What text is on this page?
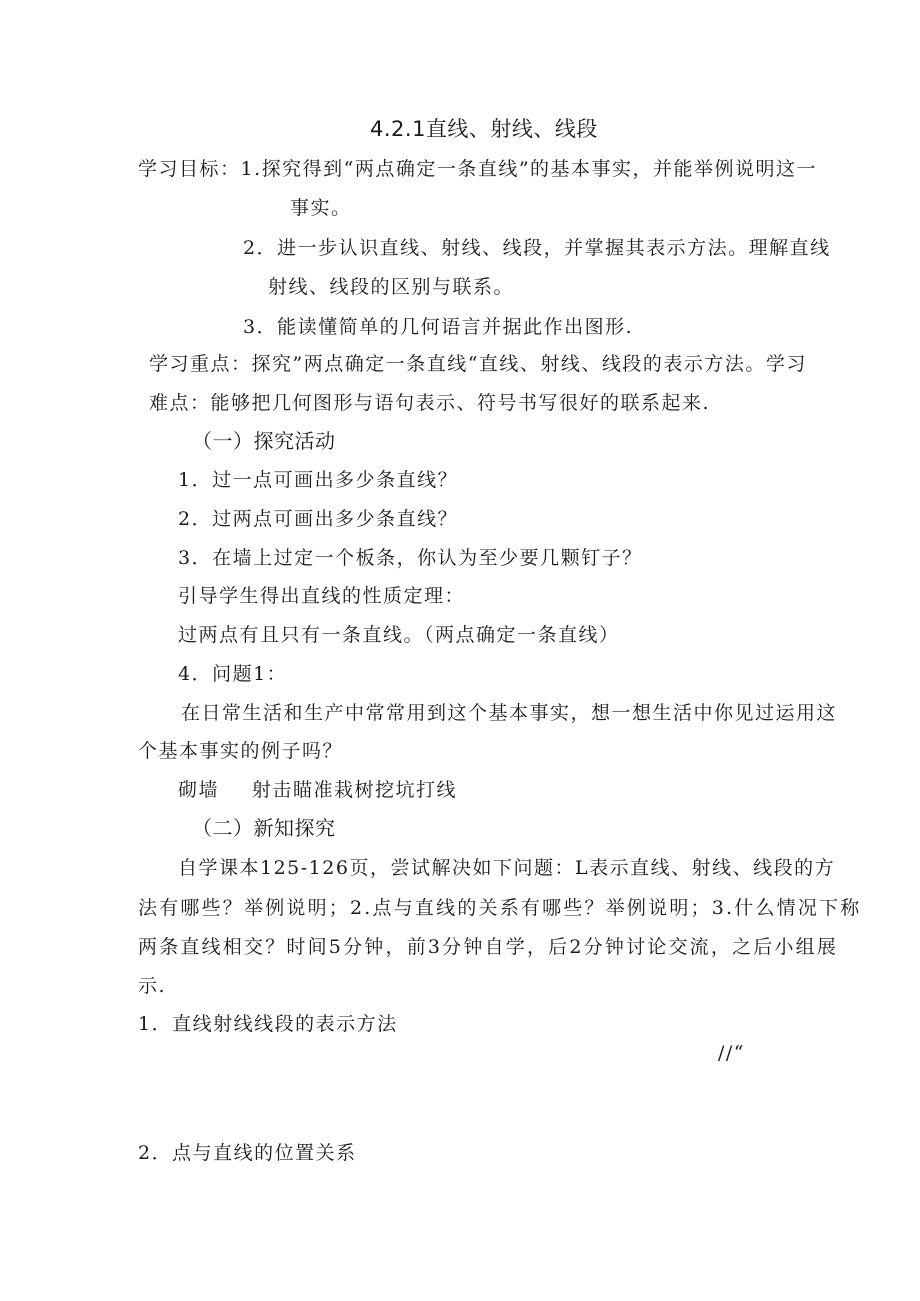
4.2.1直线、射线、线段
学习目标：1.探究得到“两点确定一条直线”的基本事实，并能举例说明这一
事实。
2．进一步认识直线、射线、线段，并掌握其表示方法。理解直线
射线、线段的区别与联系。
3．能读懂简单的几何语言并据此作出图形.
学习重点：探究”两点确定一条直线“直线、射线、线段的表示方法。学习
难点：能够把几何图形与语句表示、符号书写很好的联系起来.
（一）探究活动
1．过一点可画出多少条直线？
2．过两点可画出多少条直线？
3．在墙上过定一个板条，你认为至少要几颗钉子？
引导学生得出直线的性质定理：
过两点有且只有一条直线。（两点确定一条直线）
4．问题1：
在日常生活和生产中常常用到这个基本事实，想一想生活中你见过运用这
个基本事实的例子吗？
砌墙 射击瞄准栽树挖坑打线
（二）新知探究
自学课本125-126页，尝试解决如下问题：L表示直线、射线、线段的方
法有哪些？举例说明；2.点与直线的关系有哪些？举例说明；3.什么情况下称
两条直线相交？时间5分钟，前3分钟自学，后2分钟讨论交流，之后小组展
示.
1．直线射线线段的表示方法
//“
2．点与直线的位置关系
